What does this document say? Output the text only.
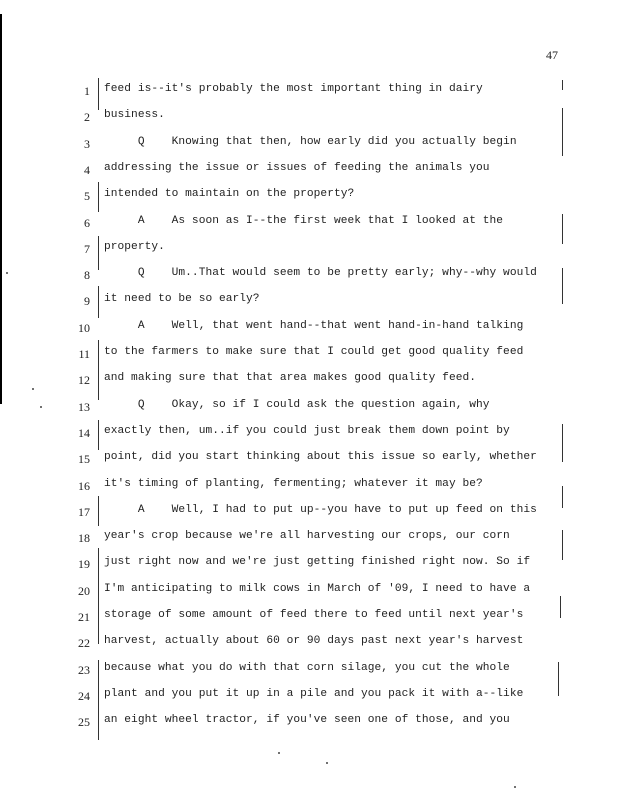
47
1 feed is--it's probably the most important thing in dairy
2 business.
3 Q    Knowing that then, how early did you actually begin
4 addressing the issue or issues of feeding the animals you
5 intended to maintain on the property?
6 A    As soon as I--the first week that I looked at the
7 property.
8 Q    Um..That would seem to be pretty early; why--why would
9 it need to be so early?
10 A    Well, that went hand--that went hand-in-hand talking
11 to the farmers to make sure that I could get good quality feed
12 and making sure that that area makes good quality feed.
13 Q    Okay, so if I could ask the question again, why
14 exactly then, um..if you could just break them down point by
15 point, did you start thinking about this issue so early, whether
16 it's timing of planting, fermenting; whatever it may be?
17 A    Well, I had to put up--you have to put up feed on this
18 year's crop because we're all harvesting our crops, our corn
19 just right now and we're just getting finished right now. So if
20 I'm anticipating to milk cows in March of '09, I need to have a
21 storage of some amount of feed there to feed until next year's
22 harvest, actually about 60 or 90 days past next year's harvest
23 because what you do with that corn silage, you cut the whole
24 plant and you put it up in a pile and you pack it with a--like
25 an eight wheel tractor, if you've seen one of those, and you
